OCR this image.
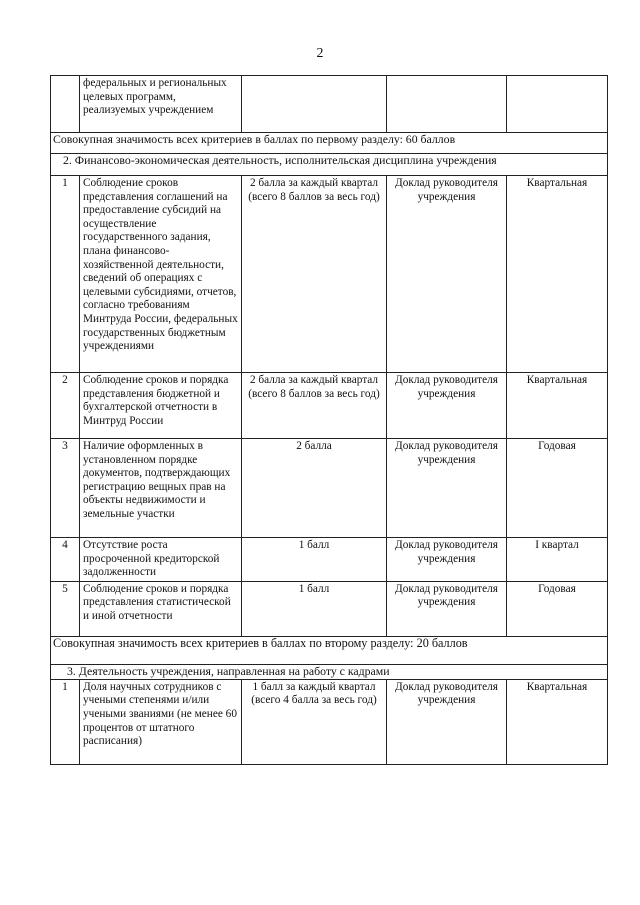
2
	федеральных и региональных целевых программ, реализуемых учреждением			
Совокупная значимость всех критериев в баллах по первому разделу: 60 баллов				
2. Финансово-экономическая деятельность, исполнительская дисциплина учреждения				
1	Соблюдение сроков представления соглашений на предоставление субсидий на осуществление государственного задания, плана финансово-хозяйственной деятельности, сведений об операциях с целевыми субсидиями, отчетов, согласно требованиям Минтруда России, федеральных государственных бюджетным учреждениями	2 балла за каждый квартал (всего 8 баллов за весь год)	Доклад руководителя учреждения	Квартальная
2	Соблюдение сроков и порядка представления бюджетной и бухгалтерской отчетности в Минтруд России	2 балла за каждый квартал (всего 8 баллов за весь год)	Доклад руководителя учреждения	Квартальная
3	Наличие оформленных в установленном порядке документов, подтверждающих регистрацию вещных прав на объекты недвижимости и земельные участки	2 балла	Доклад руководителя учреждения	Годовая
4	Отсутствие роста просроченной кредиторской задолженности	1 балл	Доклад руководителя учреждения	I квартал
5	Соблюдение сроков и порядка представления статистической и иной отчетности	1 балл	Доклад руководителя учреждения	Годовая
Совокупная значимость всех критериев в баллах по второму разделу: 20 баллов				
3. Деятельность учреждения, направленная на работу с кадрами				
1	Доля научных сотрудников с учеными степенями и/или учеными званиями (не менее 60 процентов от штатного расписания)	1 балл за каждый квартал (всего 4 балла за весь год)	Доклад руководителя учреждения	Квартальная
